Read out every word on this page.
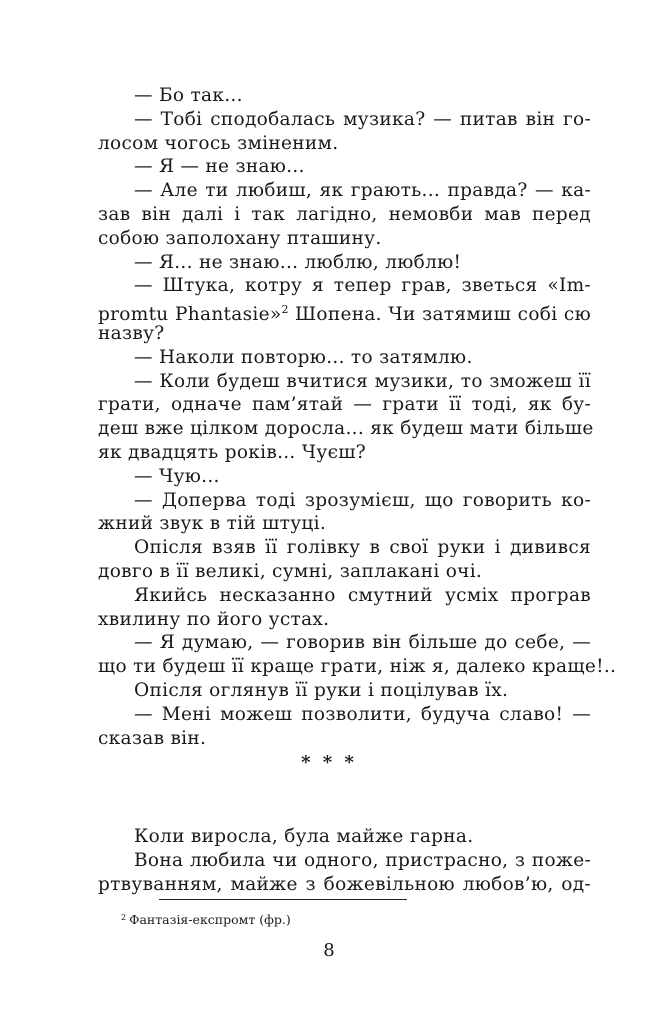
— Бо так...
— Тобі сподобалась музика? — питав він го-
лосом чогось зміненим.
— Я — не знаю...
— Але ти любиш, як грають... правда? — ка-
зав він далі і так лагідно, немовби мав перед
собою заполохану пташину.
— Я... не знаю... люблю, люблю!
— Штука, котру я тепер грав, зветься «Im-
promtu Phantasie»$^2$ Шопена. Чи затямиш собі сю
назву?
— Наколи повторю... то затямлю.
— Коли будеш вчитися музики, то зможеш її
грати, одначе пам’ятай — грати її тоді, як бу-
деш вже цілком доросла... як будеш мати більше
як двадцять років... Чуєш?
— Чую...
— Доперва тоді зрозумієш, що говорить ко-
жний звук в тій штуці.
Опісля взяв її голівку в свої руки і дивився
довго в її великі, сумні, заплакані очі.
Якийсь несказанно смутний усміх програв
хвилину по його устах.
— Я думаю, — говорив він більше до себе, —
що ти будеш її краще грати, ніж я, далеко краще!..
Опісля оглянув її руки і поцілував їх.
— Мені можеш позволити, будуча славо! —
сказав він.
* * *
Коли виросла, була майже гарна.
Вона любила чи одного, пристрасно, з поже-
ртвуванням, майже з божевільною любов’ю, од-
$^2$ Фантазія-експромт (фр.)
8
